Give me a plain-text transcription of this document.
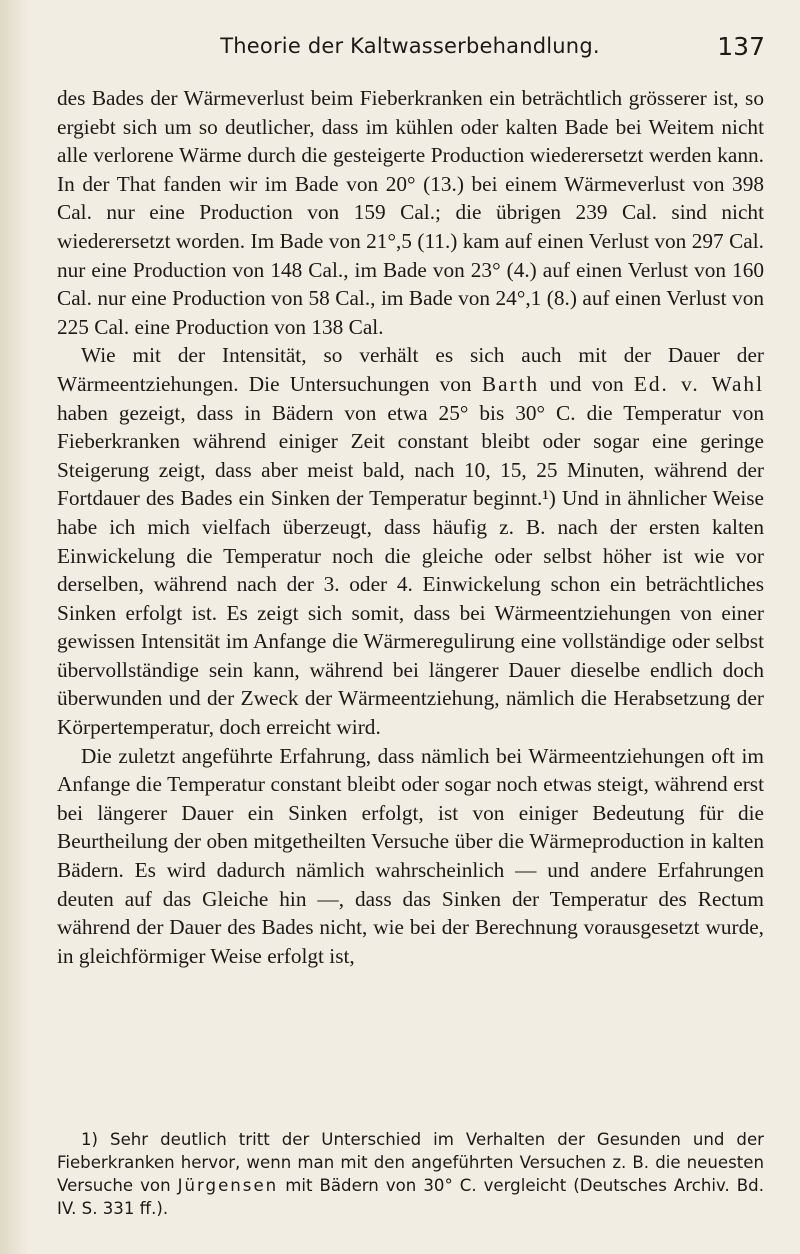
Theorie der Kaltwasserbehandlung.	137

des Bades der Wärmeverlust beim Fieberkranken ein beträchtlich grösserer ist, so ergiebt sich um so deutlicher, dass im kühlen oder kalten Bade bei Weitem nicht alle verlorene Wärme durch die gesteigerte Production wiederersetzt werden kann. In der That fanden wir im Bade von 20° (13.) bei einem Wärmeverlust von 398 Cal. nur eine Production von 159 Cal.; die übrigen 239 Cal. sind nicht wiederersetzt worden. Im Bade von 21°,5 (11.) kam auf einen Verlust von 297 Cal. nur eine Production von 148 Cal., im Bade von 23° (4.) auf einen Verlust von 160 Cal. nur eine Production von 58 Cal., im Bade von 24°,1 (8.) auf einen Verlust von 225 Cal. eine Production von 138 Cal.

Wie mit der Intensität, so verhält es sich auch mit der Dauer der Wärmeentziehungen. Die Untersuchungen von Barth und von Ed. v. Wahl haben gezeigt, dass in Bädern von etwa 25° bis 30° C. die Temperatur von Fieberkranken während einiger Zeit constant bleibt oder sogar eine geringe Steigerung zeigt, dass aber meist bald, nach 10, 15, 25 Minuten, während der Fortdauer des Bades ein Sinken der Temperatur beginnt.¹) Und in ähnlicher Weise habe ich mich vielfach überzeugt, dass häufig z. B. nach der ersten kalten Einwickelung die Temperatur noch die gleiche oder selbst höher ist wie vor derselben, während nach der 3. oder 4. Einwickelung schon ein beträchtliches Sinken erfolgt ist. Es zeigt sich somit, dass bei Wärmeentziehungen von einer gewissen Intensität im Anfange die Wärmeregulirung eine vollständige oder selbst übervollständige sein kann, während bei längerer Dauer dieselbe endlich doch überwunden und der Zweck der Wärmeentziehung, nämlich die Herabsetzung der Körpertemperatur, doch erreicht wird.

Die zuletzt angeführte Erfahrung, dass nämlich bei Wärmeentziehungen oft im Anfange die Temperatur constant bleibt oder sogar noch etwas steigt, während erst bei längerer Dauer ein Sinken erfolgt, ist von einiger Bedeutung für die Beurtheilung der oben mitgetheilten Versuche über die Wärmeproduction in kalten Bädern. Es wird dadurch nämlich wahrscheinlich — und andere Erfahrungen deuten auf das Gleiche hin —, dass das Sinken der Temperatur des Rectum während der Dauer des Bades nicht, wie bei der Berechnung vorausgesetzt wurde, in gleichförmiger Weise erfolgt ist,

1) Sehr deutlich tritt der Unterschied im Verhalten der Gesunden und der Fieberkranken hervor, wenn man mit den angeführten Versuchen z. B. die neuesten Versuche von Jürgensen mit Bädern von 30° C. vergleicht (Deutsches Archiv. Bd. IV. S. 331 ff.).
